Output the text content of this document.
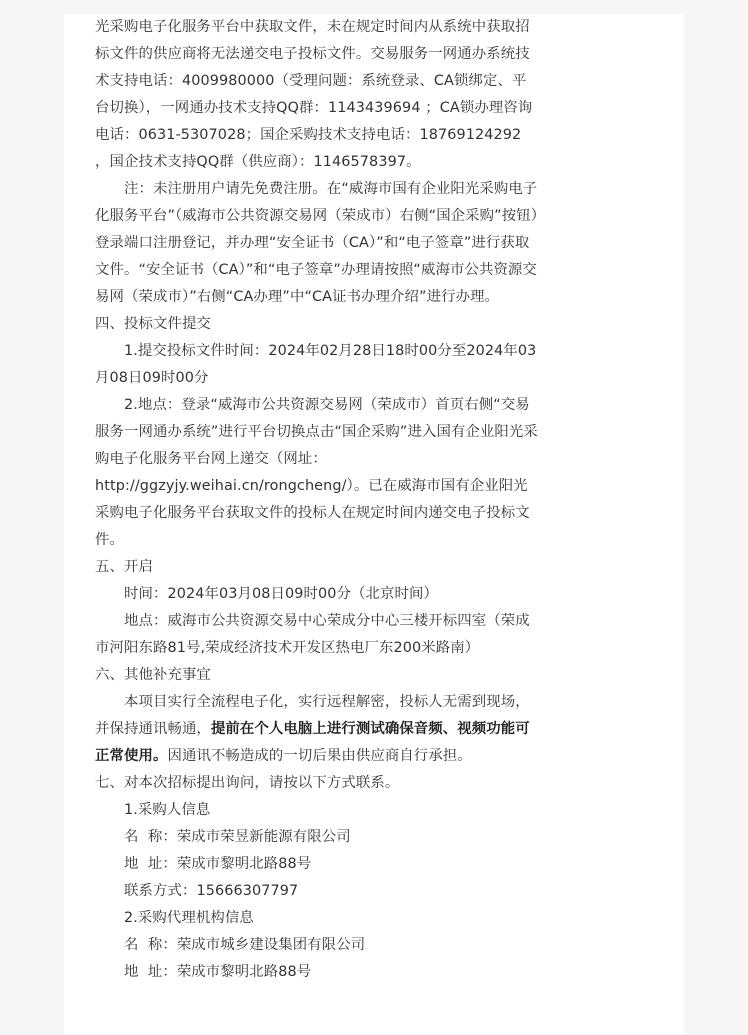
光采购电子化服务平台中获取文件，未在规定时间内从系统中获取招标文件的供应商将无法递交电子投标文件。交易服务一网通办系统技术支持电话：4009980000（受理问题：系统登录、CA锁绑定、平台切换），一网通办技术支持QQ群：1143439694 ；CA锁办理咨询电话：0631-5307028；国企采购技术支持电话：18769124292 ，国企技术支持QQ群（供应商）：1146578397。

注：未注册用户请先免费注册。在“威海市国有企业阳光采购电子化服务平台”（威海市公共资源交易网（荣成市）右侧“国企采购”按钮）登录端口注册登记，并办理“安全证书（CA）”和“电子签章”进行获取文件。“安全证书（CA）”和“电子签章”办理请按照“威海市公共资源交易网（荣成市）”右侧“CA办理”中“CA证书办理介绍”进行办理。

四、投标文件提交

1.提交投标文件时间：2024年02月28日18时00分至2024年03月08日09时00分

2.地点：登录“威海市公共资源交易网（荣成市）首页右侧“交易服务一网通办系统”进行平台切换点击“国企采购”进入国有企业阳光采购电子化服务平台网上递交（网址：
http://ggzyjy.weihai.cn/rongcheng/）。已在威海市国有企业阳光采购电子化服务平台获取文件的投标人在规定时间内递交电子投标文件。

五、开启

时间：2024年03月08日09时00分（北京时间）

地点：威海市公共资源交易中心荣成分中心三楼开标四室（荣成市河阳东路81号,荣成经济技术开发区热电厂东200米路南）

六、其他补充事宜

本项目实行全流程电子化，实行远程解密，投标人无需到现场，并保持通讯畅通，提前在个人电脑上进行测试确保音频、视频功能可正常使用。因通讯不畅造成的一切后果由供应商自行承担。

七、对本次招标提出询问，请按以下方式联系。

1.采购人信息

名  称：荣成市荣昱新能源有限公司

地  址：荣成市黎明北路88号

联系方式：15666307797

2.采购代理机构信息

名  称：荣成市城乡建设集团有限公司

地  址：荣成市黎明北路88号
